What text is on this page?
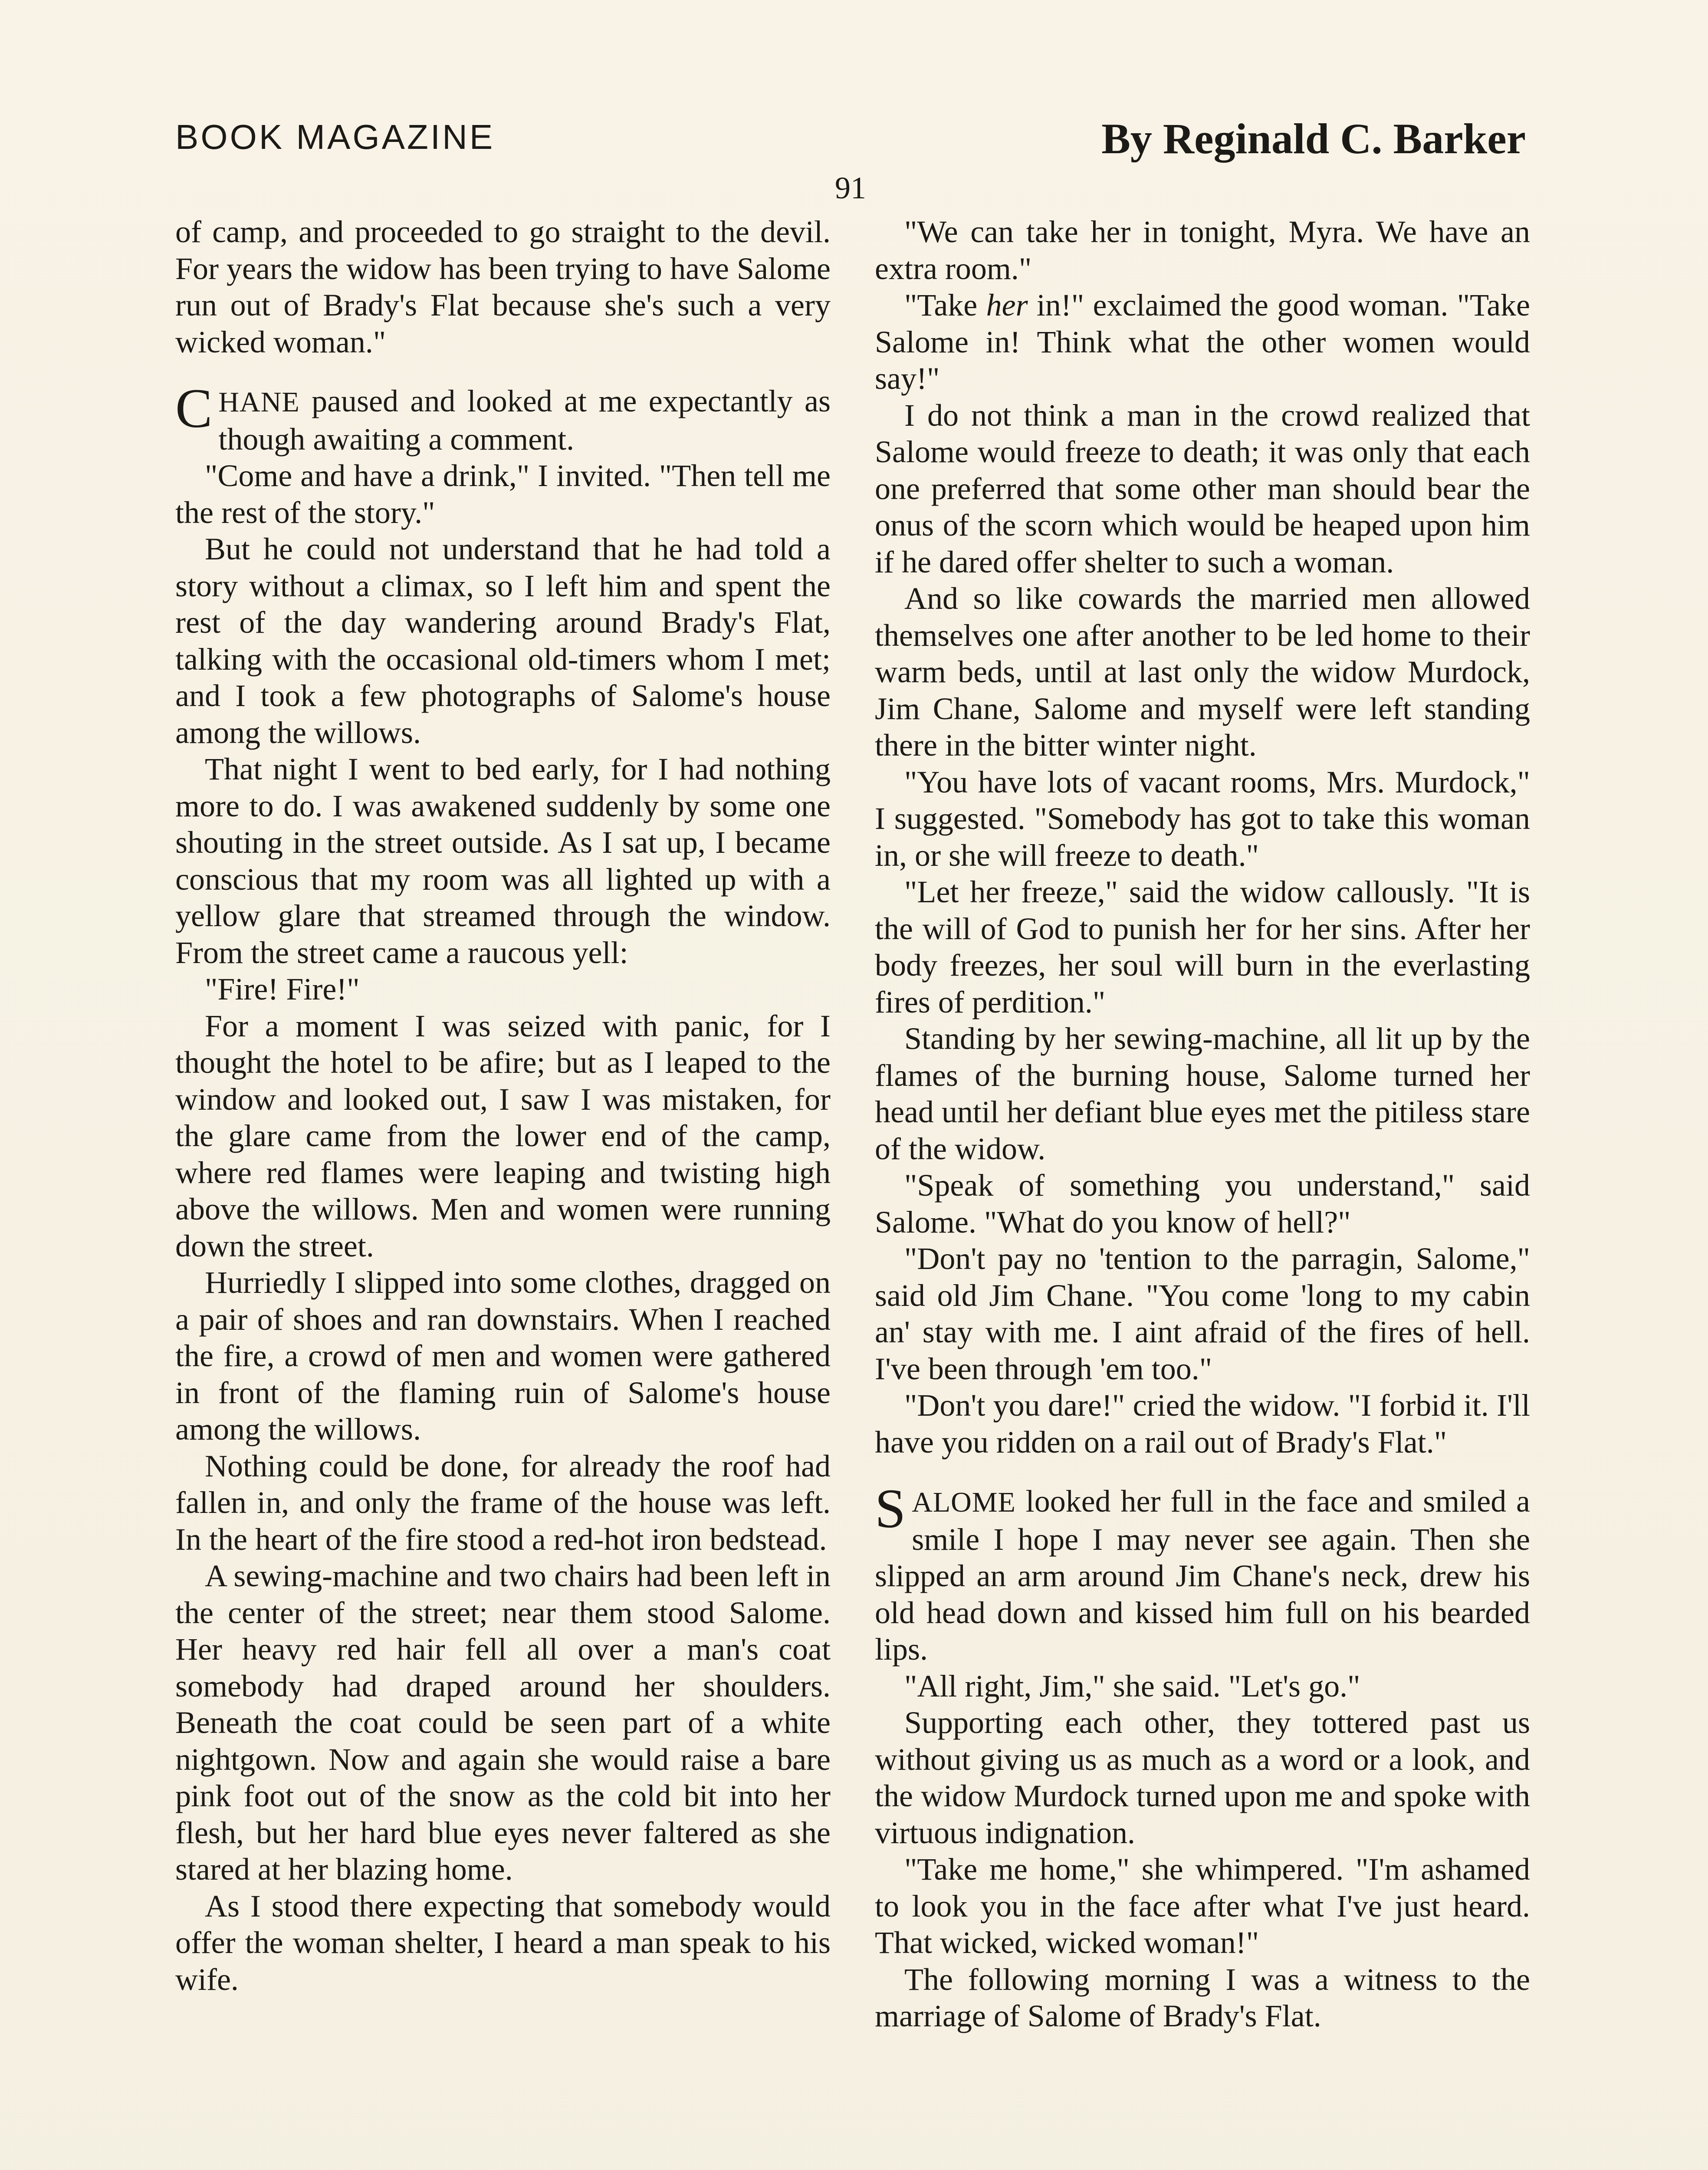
BOOK MAGAZINE	By Reginald C. Barker
91

of camp, and proceeded to go straight to the devil. For years the widow has been trying to have Salome run out of Brady's Flat because she's such a very wicked woman."

CHANE paused and looked at me expectantly as though awaiting a comment.

"Come and have a drink," I invited. "Then tell me the rest of the story."

But he could not understand that he had told a story without a climax, so I left him and spent the rest of the day wandering around Brady's Flat, talking with the occasional old-timers whom I met; and I took a few photographs of Salome's house among the willows.

That night I went to bed early, for I had nothing more to do. I was awakened suddenly by some one shouting in the street outside. As I sat up, I became conscious that my room was all lighted up with a yellow glare that streamed through the window. From the street came a raucous yell:

"Fire! Fire!"

For a moment I was seized with panic, for I thought the hotel to be afire; but as I leaped to the window and looked out, I saw I was mistaken, for the glare came from the lower end of the camp, where red flames were leaping and twisting high above the willows. Men and women were running down the street.

Hurriedly I slipped into some clothes, dragged on a pair of shoes and ran downstairs. When I reached the fire, a crowd of men and women were gathered in front of the flaming ruin of Salome's house among the willows.

Nothing could be done, for already the roof had fallen in, and only the frame of the house was left. In the heart of the fire stood a red-hot iron bedstead.

A sewing-machine and two chairs had been left in the center of the street; near them stood Salome. Her heavy red hair fell all over a man's coat somebody had draped around her shoulders. Beneath the coat could be seen part of a white nightgown. Now and again she would raise a bare pink foot out of the snow as the cold bit into her flesh, but her hard blue eyes never faltered as she stared at her blazing home.

As I stood there expecting that somebody would offer the woman shelter, I heard a man speak to his wife.

"We can take her in tonight, Myra. We have an extra room."

"Take her in!" exclaimed the good woman. "Take Salome in! Think what the other women would say!"

I do not think a man in the crowd realized that Salome would freeze to death; it was only that each one preferred that some other man should bear the onus of the scorn which would be heaped upon him if he dared offer shelter to such a woman.

And so like cowards the married men allowed themselves one after another to be led home to their warm beds, until at last only the widow Murdock, Jim Chane, Salome and myself were left standing there in the bitter winter night.

"You have lots of vacant rooms, Mrs. Murdock," I suggested. "Somebody has got to take this woman in, or she will freeze to death."

"Let her freeze," said the widow callously. "It is the will of God to punish her for her sins. After her body freezes, her soul will burn in the everlasting fires of perdition."

Standing by her sewing-machine, all lit up by the flames of the burning house, Salome turned her head until her defiant blue eyes met the pitiless stare of the widow.

"Speak of something you understand," said Salome. "What do you know of hell?"

"Don't pay no 'tention to the parragin, Salome," said old Jim Chane. "You come 'long to my cabin an' stay with me. I aint afraid of the fires of hell. I've been through 'em too."

"Don't you dare!" cried the widow. "I forbid it. I'll have you ridden on a rail out of Brady's Flat."

SALOME looked her full in the face and smiled a smile I hope I may never see again. Then she slipped an arm around Jim Chane's neck, drew his old head down and kissed him full on his bearded lips.

"All right, Jim," she said. "Let's go."

Supporting each other, they tottered past us without giving us as much as a word or a look, and the widow Murdock turned upon me and spoke with virtuous indignation.

"Take me home," she whimpered. "I'm ashamed to look you in the face after what I've just heard. That wicked, wicked woman!"

The following morning I was a witness to the marriage of Salome of Brady's Flat.
